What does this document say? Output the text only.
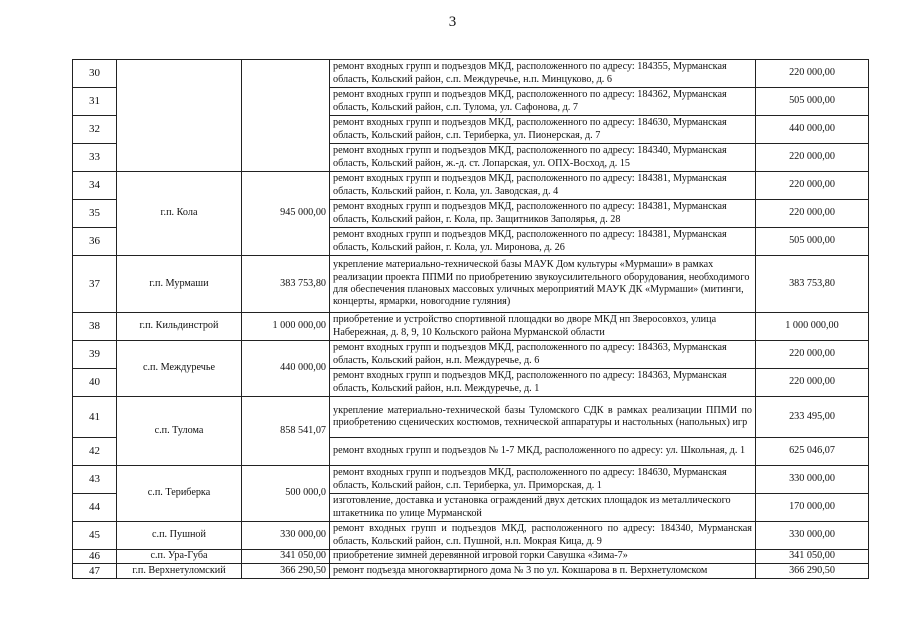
3
30			ремонт входных групп и подъездов МКД, расположенного по адресу: 184355, Мурманская область, Кольский район, с.п. Междуречье, н.п. Минцуково, д. 6	220 000,00
31			ремонт входных групп и подъездов МКД, расположенного по адресу: 184362, Мурманская область, Кольский район, с.п. Тулома, ул. Сафонова, д. 7	505 000,00
32			ремонт входных групп и подъездов МКД, расположенного по адресу: 184630, Мурманская область, Кольский район, с.п. Териберка, ул. Пионерская, д. 7	440 000,00
33			ремонт входных групп и подъездов МКД, расположенного по адресу: 184340, Мурманская область, Кольский район, ж.-д. ст. Лопарская, ул. ОПХ-Восход, д. 15	220 000,00
34	г.п. Кола	945 000,00	ремонт входных групп и подъездов МКД, расположенного по адресу: 184381, Мурманская область, Кольский район, г. Кола, ул. Заводская, д. 4	220 000,00
35			ремонт входных групп и подъездов МКД, расположенного по адресу: 184381, Мурманская область, Кольский район, г. Кола, пр. Защитников Заполярья, д. 28	220 000,00
36			ремонт входных групп и подъездов МКД, расположенного по адресу: 184381, Мурманская область, Кольский район, г. Кола, ул. Миронова, д. 26	505 000,00
37	г.п. Мурмаши	383 753,80	укрепление материально-технической базы МАУК Дом культуры «Мурмаши» в рамках реализации проекта ППМИ по приобретению звукоусилительного оборудования, необходимого для обеспечения плановых массовых уличных мероприятий МАУК ДК «Мурмаши» (митинги, концерты, ярмарки, новогодние гуляния)	383 753,80
38	г.п. Кильдинстрой	1 000 000,00	приобретение и устройство спортивной площадки во дворе МКД нп Зверосовхоз, улица Набережная, д. 8, 9, 10 Кольского района Мурманской области	1 000 000,00
39	с.п. Междуречье	440 000,00	ремонт входных групп и подъездов МКД, расположенного по адресу: 184363, Мурманская область, Кольский район, н.п. Междуречье, д. 6	220 000,00
40			ремонт входных групп и подъездов МКД, расположенного по адресу: 184363, Мурманская область, Кольский район, н.п. Междуречье, д. 1	220 000,00
41	с.п. Тулома	858 541,07	укрепление материально-технической базы Туломского СДК в рамках реализации ППМИ по приобретению сценических костюмов, технической аппаратуры и настольных (напольных) игр	233 495,00
42			ремонт входных групп и подъездов № 1-7 МКД, расположенного по адресу: ул. Школьная, д. 1	625 046,07
43	с.п. Териберка	500 000,0	ремонт входных групп и подъездов МКД, расположенного по адресу: 184630, Мурманская область, Кольский район, с.п. Териберка, ул. Приморская, д. 1	330 000,00
44			изготовление, доставка и установка ограждений двух детских площадок из металлического штакетника по улице Мурманской	170 000,00
45	с.п. Пушной	330 000,00	ремонт входных групп и подъездов МКД, расположенного по адресу: 184340, Мурманская область, Кольский район, с.п. Пушной, н.п. Мокрая Кица, д. 9	330 000,00
46	с.п. Ура-Губа	341 050,00	приобретение зимней деревянной игровой горки Савушка «Зима-7»	341 050,00
47	г.п. Верхнетуломский	366 290,50	ремонт подъезда многоквартирного дома № 3 по ул. Кокшарова в п. Верхнетуломском	366 290,50
